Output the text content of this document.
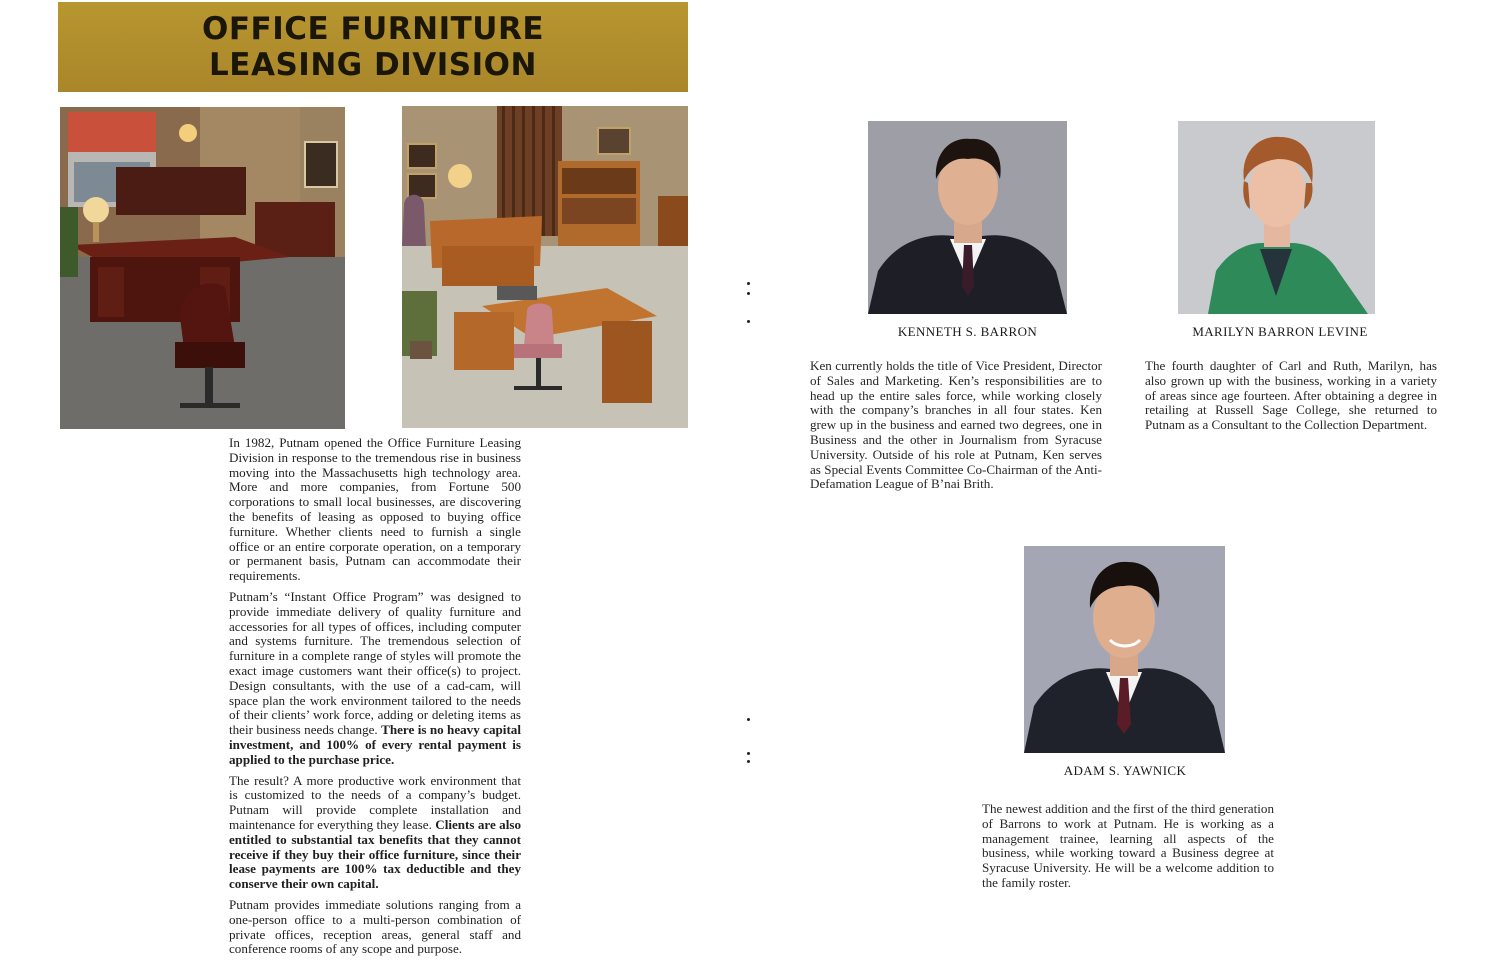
OFFICE FURNITURE
LEASING DIVISION

In 1982, Putnam opened the Office Furniture Leasing Division in response to the tremendous rise in business moving into the Massachusetts high technology area. More and more companies, from Fortune 500 corporations to small local businesses, are discovering the benefits of leasing as opposed to buying office furniture. Whether clients need to furnish a single office or an entire corporate operation, on a temporary or permanent basis, Putnam can accommodate their requirements.

Putnam’s “Instant Office Program” was designed to provide immediate delivery of quality furniture and accessories for all types of offices, including computer and systems furniture. The tremendous selection of furniture in a complete range of styles will promote the exact image customers want their office(s) to project. Design consultants, with the use of a cad-cam, will space plan the work environment tailored to the needs of their clients’ work force, adding or deleting items as their business needs change. There is no heavy capital investment, and 100% of every rental payment is applied to the purchase price.

The result? A more productive work environment that is customized to the needs of a company’s budget. Putnam will provide complete installation and maintenance for everything they lease. Clients are also entitled to substantial tax benefits that they cannot receive if they buy their office furniture, since their lease payments are 100% tax deductible and they conserve their own capital.

Putnam provides immediate solutions ranging from a one-person office to a multi-person combination of private offices, reception areas, general staff and conference rooms of any scope and purpose.

KENNETH S. BARRON
Ken currently holds the title of Vice President, Director of Sales and Marketing. Ken’s responsibilities are to head up the entire sales force, while working closely with the company’s branches in all four states. Ken grew up in the business and earned two degrees, one in Business and the other in Journalism from Syracuse University. Outside of his role at Putnam, Ken serves as Special Events Committee Co-Chairman of the Anti-Defamation League of B’nai Brith.
MARILYN BARRON LEVINE
The fourth daughter of Carl and Ruth, Marilyn, has also grown up with the business, working in a variety of areas since age fourteen. After obtaining a degree in retailing at Russell Sage College, she returned to Putnam as a Consultant to the Collection Department.
ADAM S. YAWNICK
The newest addition and the first of the third generation of Barrons to work at Putnam. He is working as a management trainee, learning all aspects of the business, while working toward a Business degree at Syracuse University. He will be a welcome addition to the family roster.
